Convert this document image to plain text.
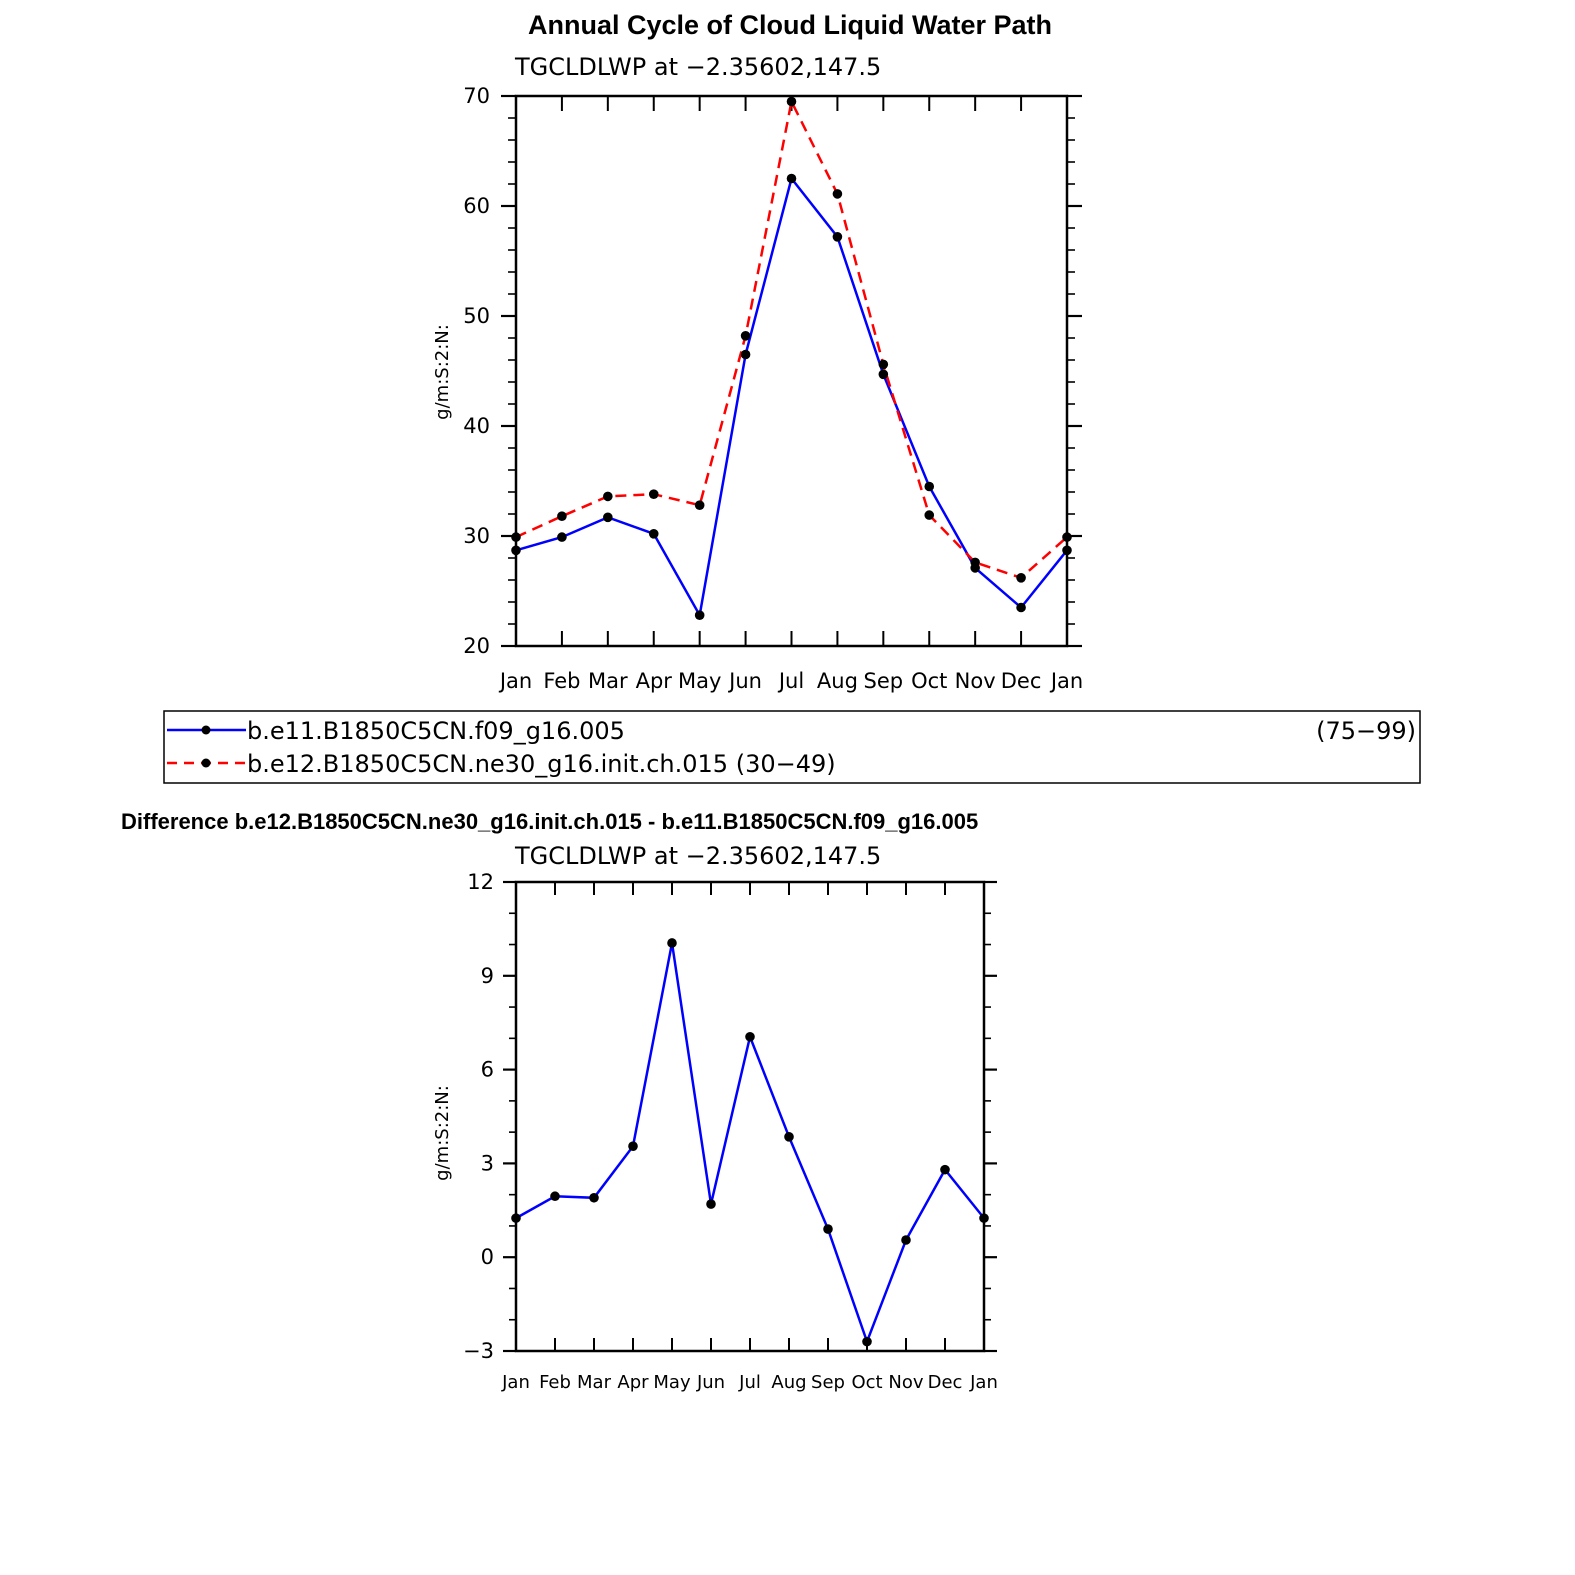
Annual Cycle of Cloud Liquid Water Path
TGCLDLWP at −2.35602,147.5
g/m:S:2:N:
Jan Feb Mar Apr May Jun Jul Aug Sep Oct Nov Dec Jan
20
30
40
50
60
70
b.e11.B1850C5CN.f09_g16.005	(75−99)
b.e12.B1850C5CN.ne30_g16.init.ch.015 (30−49)
Difference b.e12.B1850C5CN.ne30_g16.init.ch.015 - b.e11.B1850C5CN.f09_g16.005
TGCLDLWP at −2.35602,147.5
g/m:S:2:N:
Jan Feb Mar Apr May Jun Jul Aug Sep Oct Nov Dec Jan
−3
0
3
6
9
12
